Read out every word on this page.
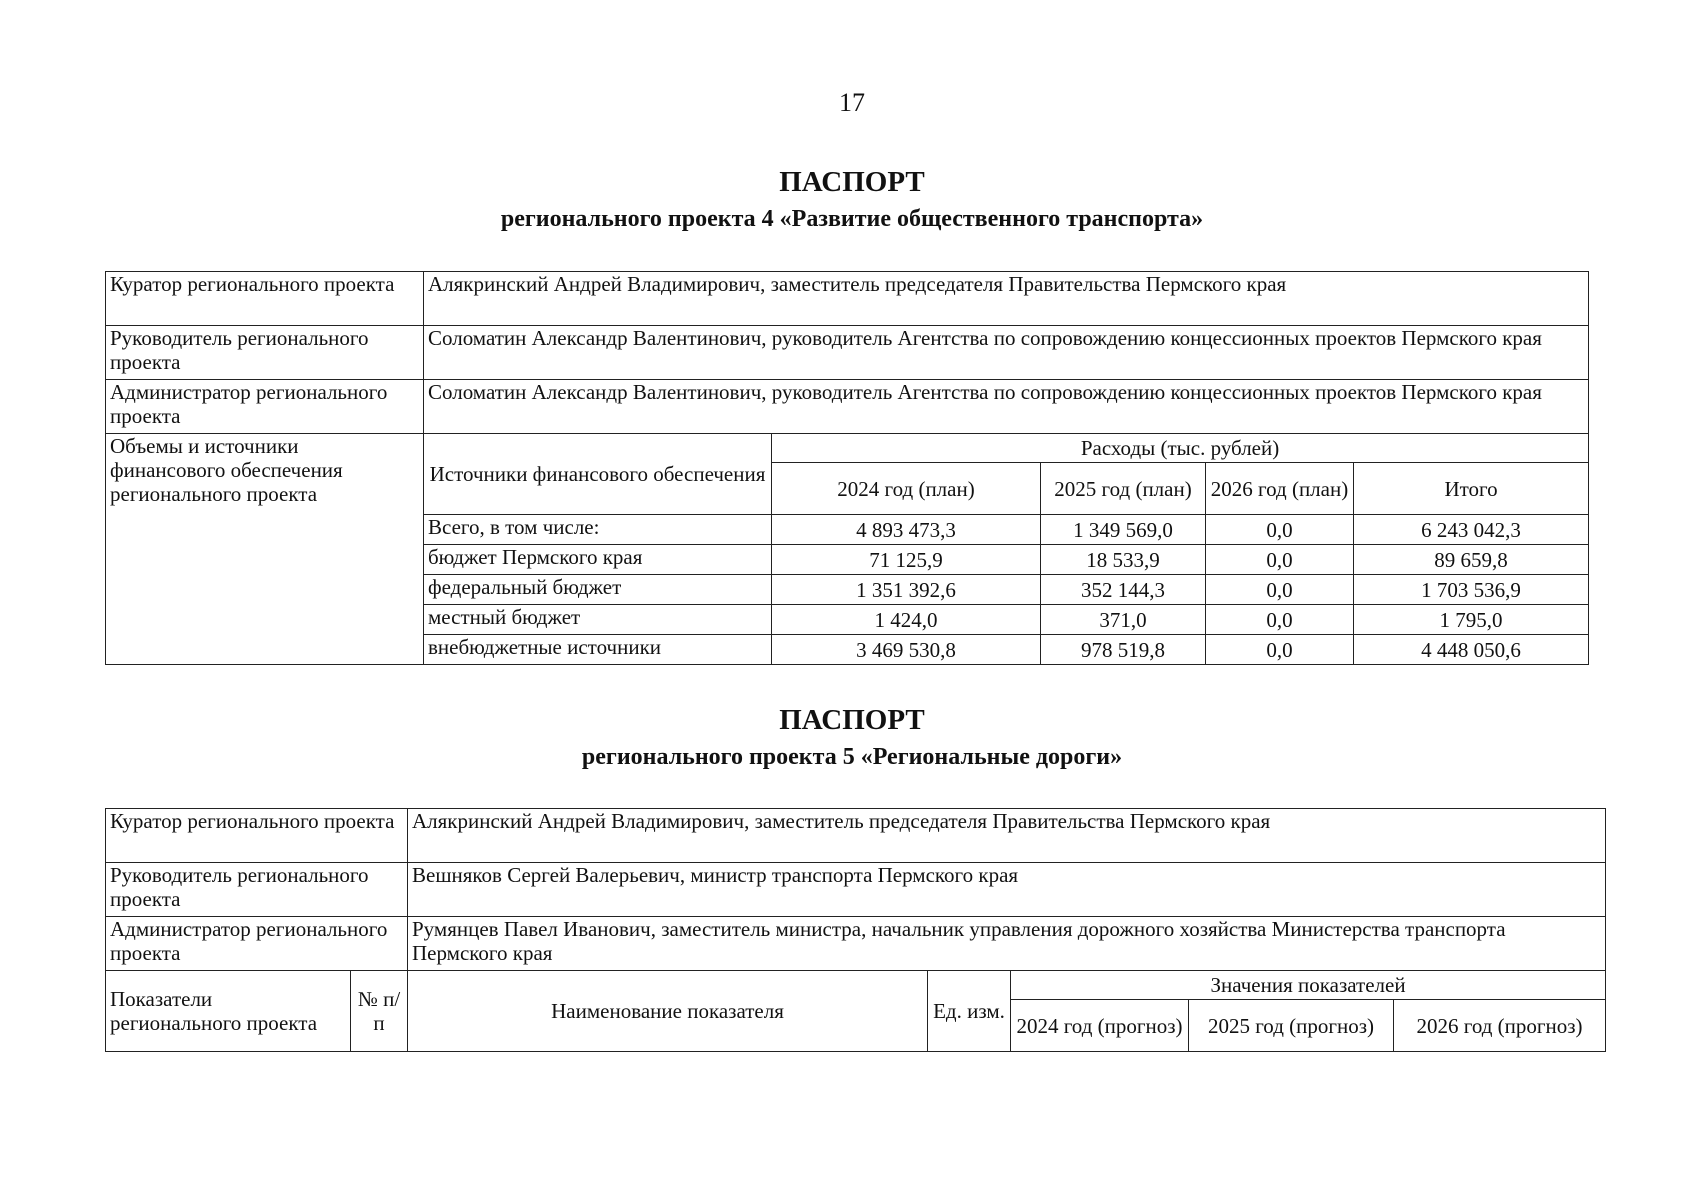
17
ПАСПОРТ
регионального проекта 4 «Развитие общественного транспорта»
Куратор регионального проекта	Алякринский Андрей Владимирович, заместитель председателя Правительства Пермского края				
Руководитель регионального проекта	Соломатин Александр Валентинович, руководитель Агентства по сопровождению концессионных проектов Пермского края				
Администратор регионального проекта	Соломатин Александр Валентинович, руководитель Агентства по сопровождению концессионных проектов Пермского края				
Объемы и источники финансового обеспечения регионального проекта	Источники финансового обеспечения	Расходы (тыс. рублей)			
		2024 год (план)	2025 год (план)	2026 год (план)	Итого
	Всего, в том числе:	4 893 473,3	1 349 569,0	0,0	6 243 042,3
	бюджет Пермского края	71 125,9	18 533,9	0,0	89 659,8
	федеральный бюджет	1 351 392,6	352 144,3	0,0	1 703 536,9
	местный бюджет	1 424,0	371,0	0,0	1 795,0
	внебюджетные источники	3 469 530,8	978 519,8	0,0	4 448 050,6
ПАСПОРТ
регионального проекта 5 «Региональные дороги»
Куратор регионального проекта		Алякринский Андрей Владимирович, заместитель председателя Правительства Пермского края				
Руководитель регионального проекта		Вешняков Сергей Валерьевич, министр транспорта Пермского края				
Администратор регионального проекта		Румянцев Павел Иванович, заместитель министра, начальник управления дорожного хозяйства Министерства транспорта Пермского края				
Показатели регионального проекта	№ п/п	Наименование показателя	Ед. изм.	Значения показателей		
				2024 год (прогноз)	2025 год (прогноз)	2026 год (прогноз)
